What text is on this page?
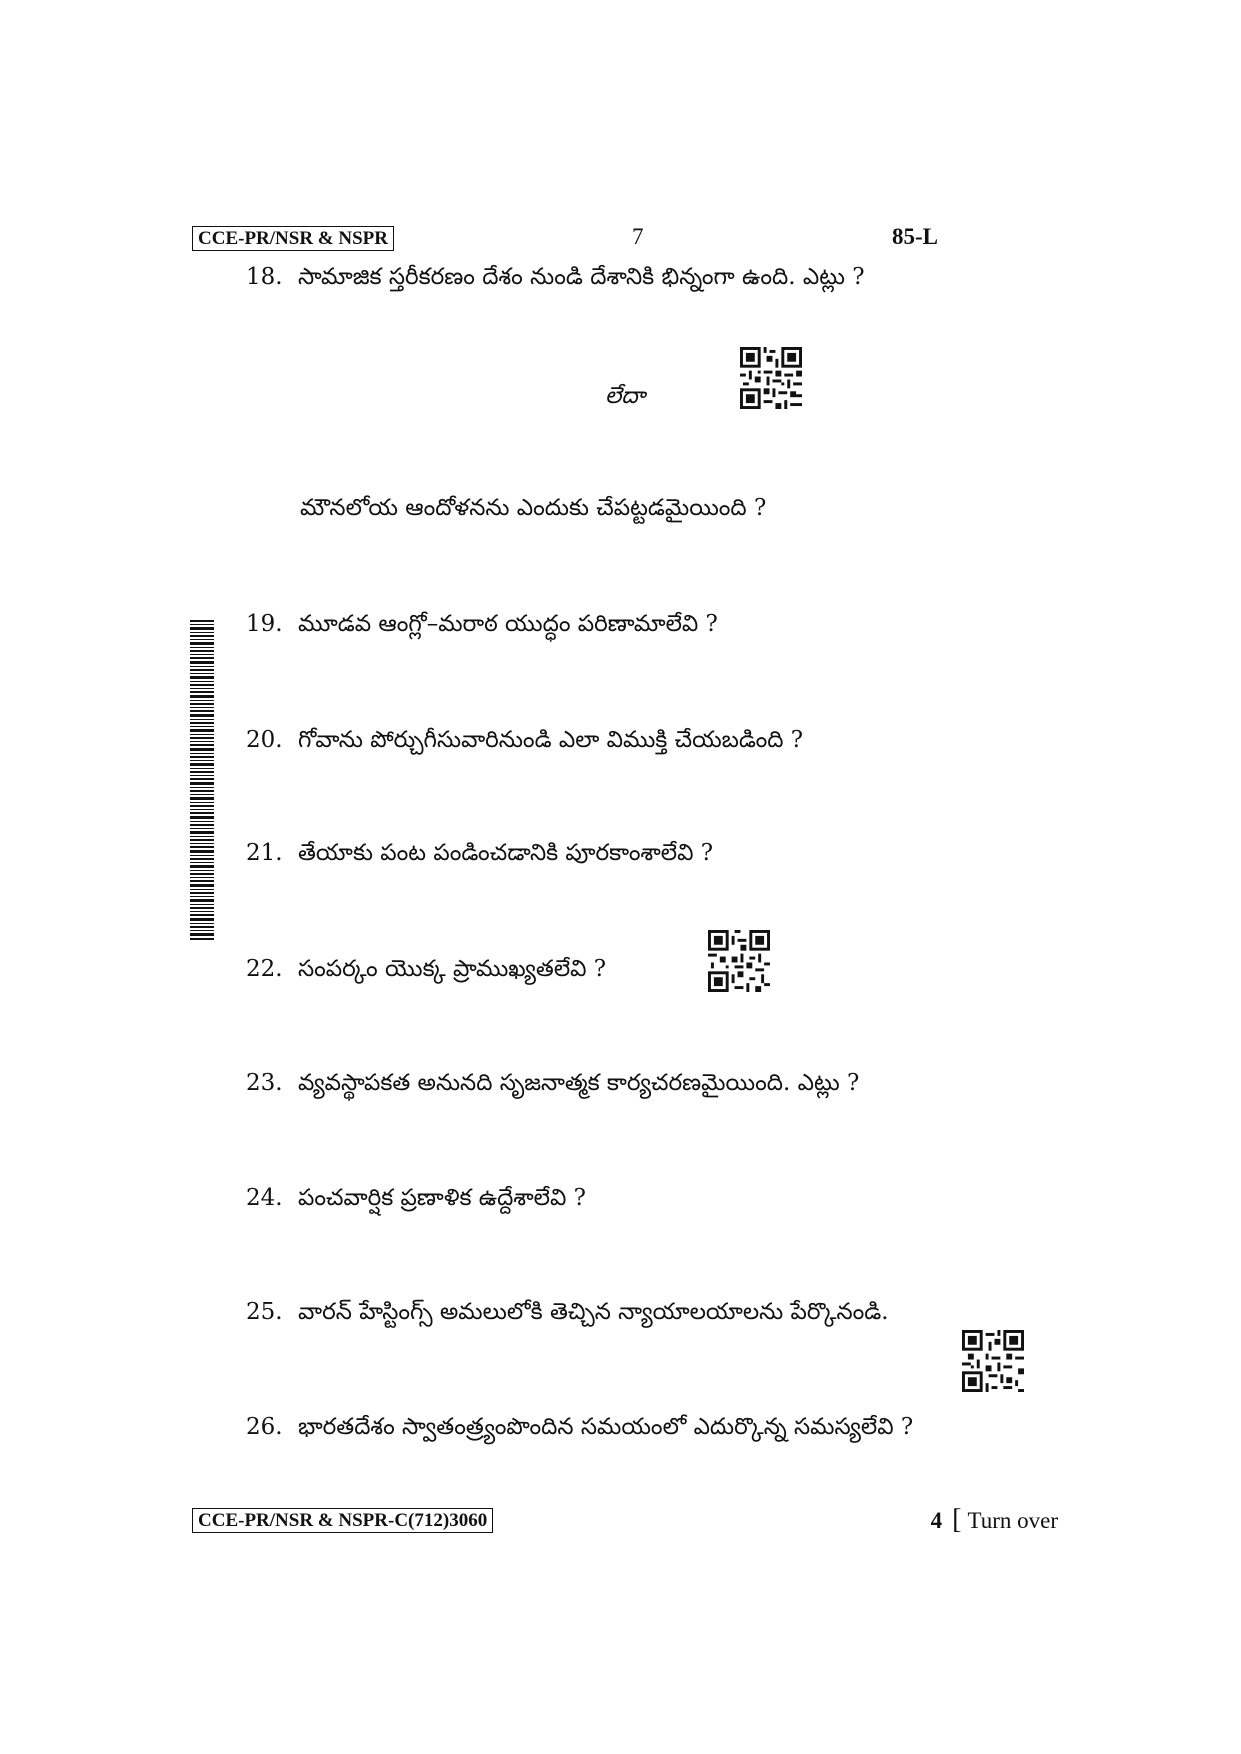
CCE-PR/NSR & NSPR	7	85-L
18. సామాజిక స్తరీకరణం దేశం నుండి దేశానికి భిన్నంగా ఉంది. ఎట్లు ?
లేదా
మౌనలోయ ఆందోళనను ఎందుకు చేపట్టడమైయింది ?
19. మూడవ ఆంగ్లో–మరాఠ యుద్ధం పరిణామాలేవి ?
20. గోవాను పోర్చుగీసువారినుండి ఎలా విముక్తి చేయబడింది ?
21. తేయాకు పంట పండించడానికి పూరకాంశాలేవి ?
22. సంపర్కం యొక్క ప్రాముఖ్యతలేవి ?
23. వ్యవస్థాపకత అనునది సృజనాత్మక కార్యచరణమైయింది. ఎట్లు ?
24. పంచవార్షిక ప్రణాళిక ఉద్దేశాలేవి ?
25. వారన్ హేస్టింగ్స్ అమలులోకి తెచ్చిన న్యాయాలయాలను పేర్కొనండి.
26. భారతదేశం స్వాతంత్ర్యంపొందిన సమయంలో ఎదుర్కొన్న సమస్యలేవి ?
CCE-PR/NSR & NSPR-C(712)3060	4 [ Turn over
